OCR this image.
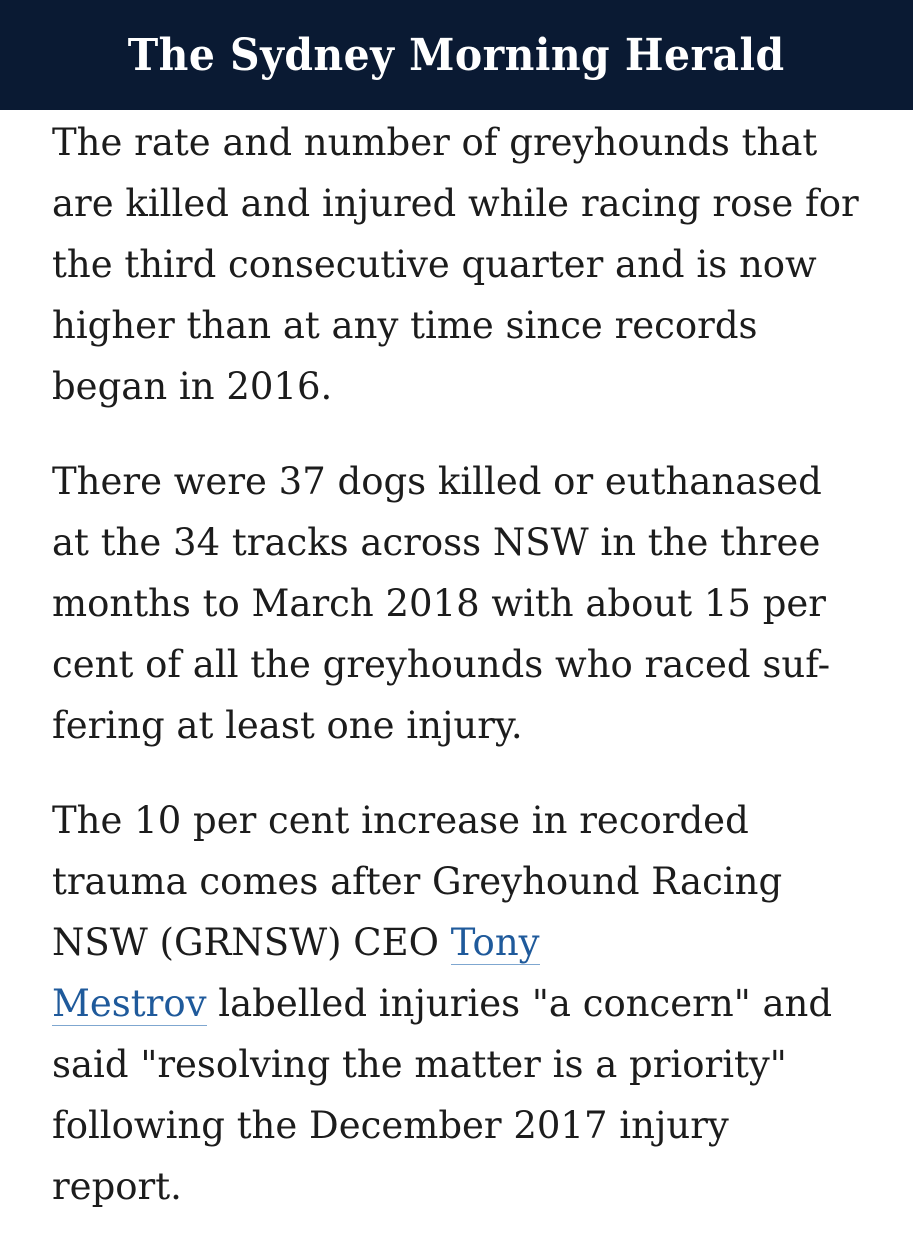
The Sydney Morning Herald

The rate and number of greyhounds that
are killed and injured while racing rose for
the third consecutive quarter and is now
higher than at any time since records
began in 2016.

There were 37 dogs killed or euthanased
at the 34 tracks across NSW in the three
months to March 2018 with about 15 per
cent of all the greyhounds who raced suf-
fering at least one injury.

The 10 per cent increase in recorded
trauma comes after Greyhound Racing
NSW (GRNSW) CEO Tony
Mestrov labelled injuries "a concern" and
said "resolving the matter is a priority"
following the December 2017 injury
report.
